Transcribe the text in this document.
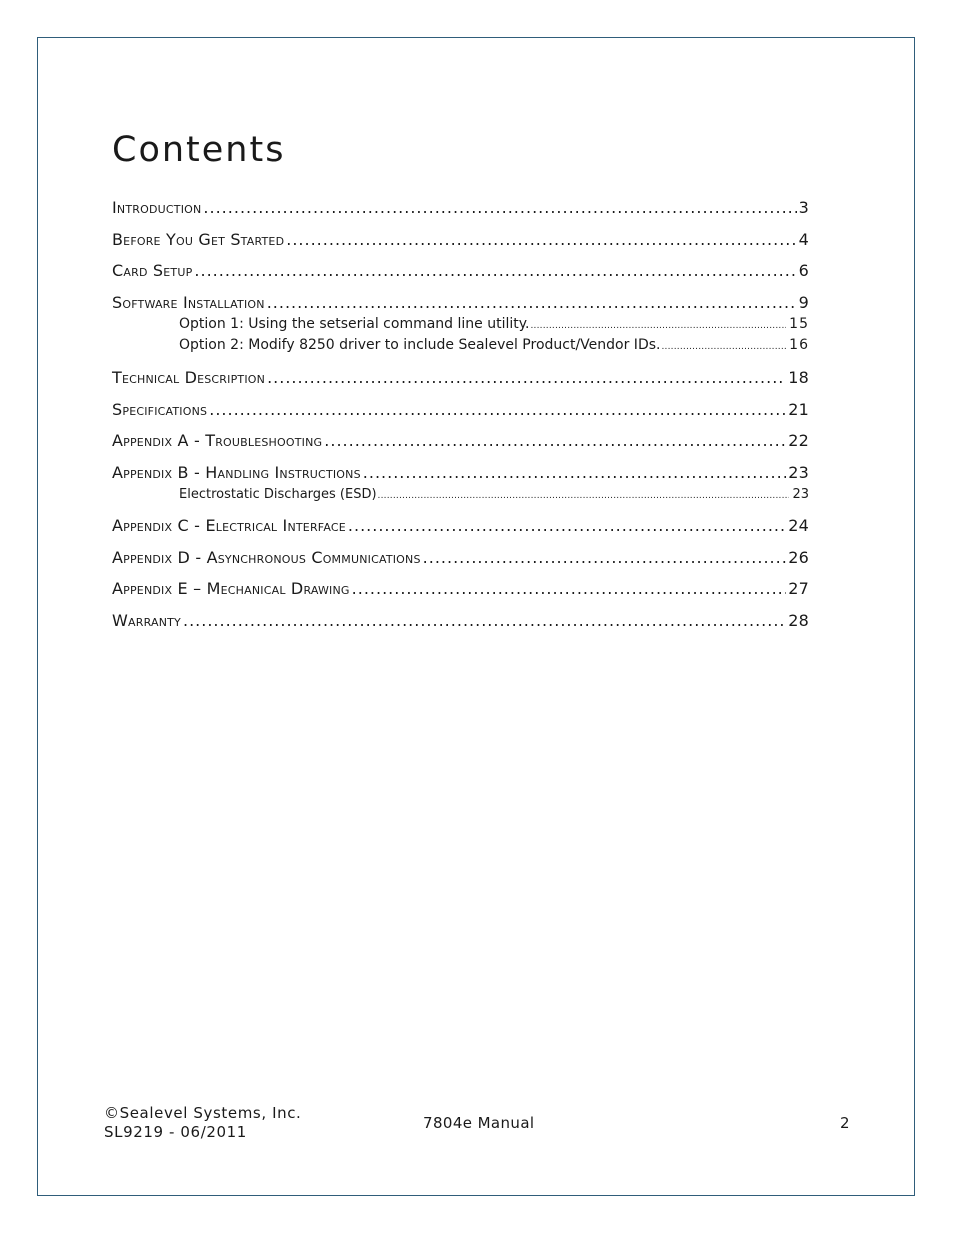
Contents
Introduction .....	3
Before You Get Started .....	4
Card Setup .....	6
Software Installation .....	9
Option 1: Using the setserial command line utility. .....	15
Option 2: Modify 8250 driver to include Sealevel Product/Vendor IDs. .....	16
Technical Description .....	18
Specifications .....	21
Appendix A - Troubleshooting .....	22
Appendix B - Handling Instructions .....	23
Electrostatic Discharges (ESD) .....	23
Appendix C - Electrical Interface .....	24
Appendix D - Asynchronous Communications .....	26
Appendix E – Mechanical Drawing .....	27
Warranty .....	28
©Sealevel Systems, Inc.
SL9219 - 06/2011	7804e Manual	2
